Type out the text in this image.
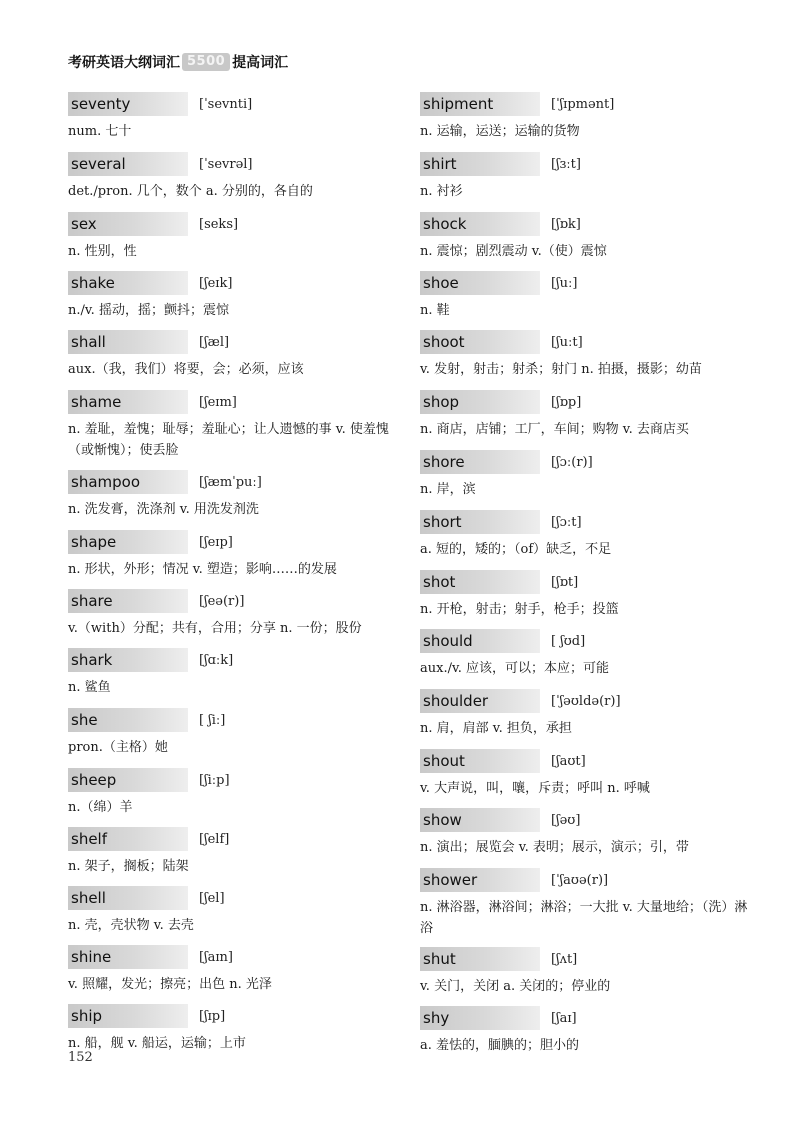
考研英语大纲词汇 5500 提高词汇
seventy	[ˈsevnti]
num. 七十
several	[ˈsevrəl]
det./pron. 几个，数个 a. 分别的，各自的
sex	[seks]
n. 性别，性
shake	[ʃeɪk]
n./v. 摇动，摇；颤抖；震惊
shall	[ʃæl]
aux.（我，我们）将要，会；必须，应该
shame	[ʃeɪm]
n. 羞耻，羞愧；耻辱；羞耻心；让人遗憾的事 v. 使羞愧（或惭愧）；使丢脸
shampoo	[ʃæmˈpuː]
n. 洗发膏，洗涤剂 v. 用洗发剂洗
shape	[ʃeɪp]
n. 形状，外形；情况 v. 塑造；影响……的发展
share	[ʃeə(r)]
v.（with）分配；共有，合用；分享 n. 一份；股份
shark	[ʃɑːk]
n. 鲨鱼
she	[ ʃiː]
pron.（主格）她
sheep	[ʃiːp]
n.（绵）羊
shelf	[ʃelf]
n. 架子，搁板；陆架
shell	[ʃel]
n. 壳，壳状物 v. 去壳
shine	[ʃaɪn]
v. 照耀，发光；擦亮；出色 n. 光泽
ship	[ʃɪp]
n. 船，舰 v. 船运，运输；上市
shipment	[ˈʃɪpmənt]
n. 运输，运送；运输的货物
shirt	[ʃɜːt]
n. 衬衫
shock	[ʃɒk]
n. 震惊；剧烈震动 v.（使）震惊
shoe	[ʃuː]
n. 鞋
shoot	[ʃuːt]
v. 发射，射击；射杀；射门 n. 拍摄，摄影；幼苗
shop	[ʃɒp]
n. 商店，店铺；工厂，车间；购物 v. 去商店买
shore	[ʃɔː(r)]
n. 岸，滨
short	[ʃɔːt]
a. 短的，矮的；（of）缺乏，不足
shot	[ʃɒt]
n. 开枪，射击；射手，枪手；投篮
should	[ ʃʊd]
aux./v. 应该，可以；本应；可能
shoulder	[ˈʃəʊldə(r)]
n. 肩，肩部 v. 担负，承担
shout	[ʃaʊt]
v. 大声说，叫，嚷，斥责；呼叫 n. 呼喊
show	[ʃəʊ]
n. 演出；展览会 v. 表明；展示，演示；引，带
shower	[ˈʃaʊə(r)]
n. 淋浴器，淋浴间；淋浴；一大批 v. 大量地给；（洗）淋浴
shut	[ʃʌt]
v. 关门，关闭 a. 关闭的；停业的
shy	[ʃaɪ]
a. 羞怯的，腼腆的；胆小的
152
